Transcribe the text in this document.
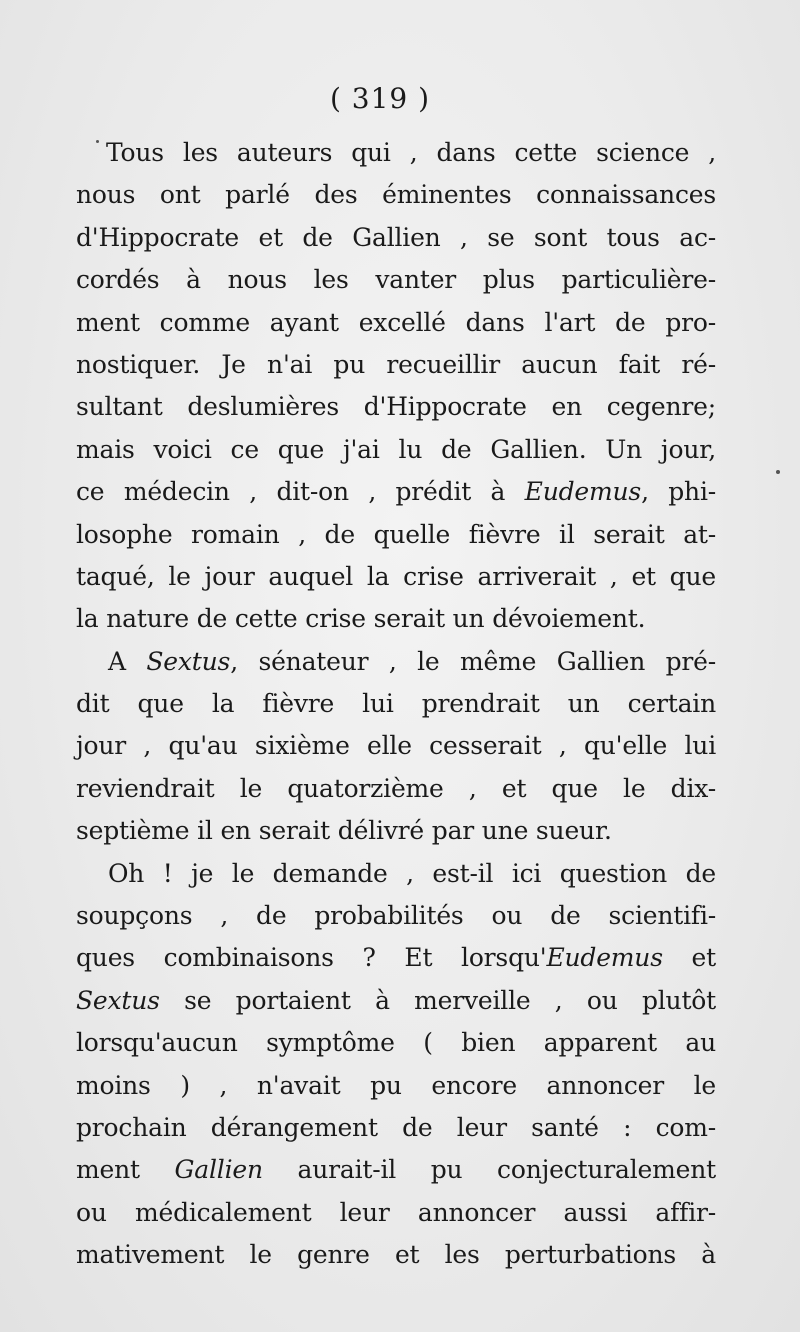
( 319 )
Tous les auteurs qui , dans cette science ,
nous ont parlé des éminentes connaissances
d'Hippocrate et de Gallien , se sont tous ac-
cordés à nous les vanter plus particulière-
ment comme ayant excellé dans l'art de pro-
nostiquer. Je n'ai pu recueillir aucun fait ré-
sultant deslumières d'Hippocrate en cegenre;
mais voici ce que j'ai lu de Gallien. Un jour,
ce médecin , dit-on , prédit à Eudemus, phi-
losophe romain , de quelle fièvre il serait at-
taqué, le jour auquel la crise arriverait , et que
la nature de cette crise serait un dévoiement.
A Sextus, sénateur , le même Gallien pré-
dit que la fièvre lui prendrait un certain
jour , qu'au sixième elle cesserait , qu'elle lui
reviendrait le quatorzième , et que le dix-
septième il en serait délivré par une sueur.
Oh ! je le demande , est-il ici question de
soupçons , de probabilités ou de scientifi-
ques combinaisons ? Et lorsqu'Eudemus et
Sextus se portaient à merveille , ou plutôt
lorsqu'aucun symptôme ( bien apparent au
moins ) , n'avait pu encore annoncer le
prochain dérangement de leur santé : com-
ment Gallien aurait-il pu conjecturalement
ou médicalement leur annoncer aussi affir-
mativement le genre et les perturbations à
